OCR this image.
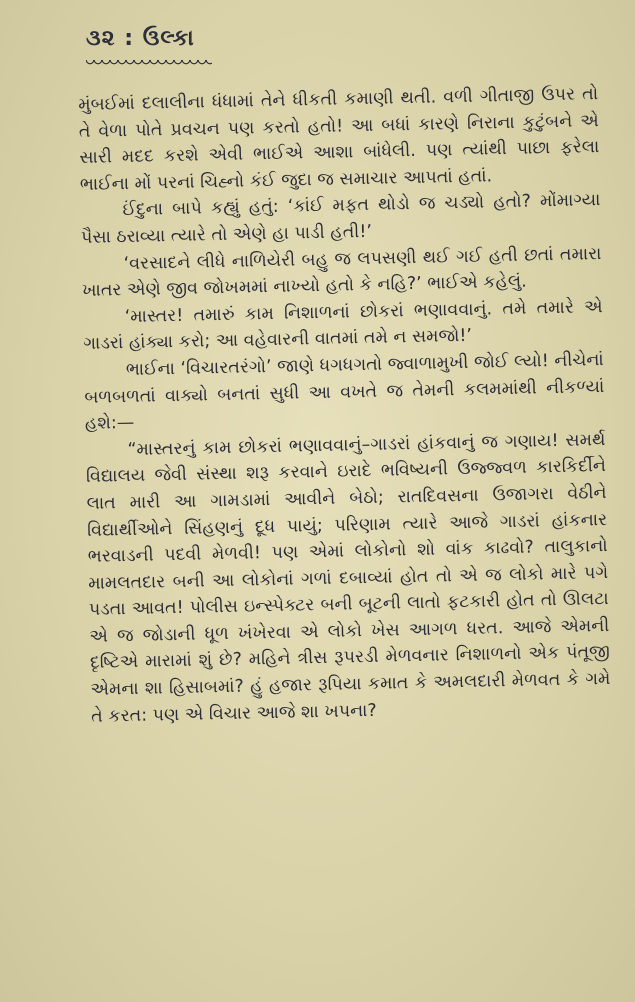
૩૨ : ઉલ્કા

મુંબઈમાં દલાલીના ધંધામાં તેને ધીકતી કમાણી થતી. વળી ગીતાજી ઉપર તો તે વેળા પોતે પ્રવચન પણ કરતો હતો! આ બધાં કારણે નિરાના કુટુંબને એ સારી મદદ કરશે એવી ભાઈએ આશા બાંધેલી. પણ ત્યાંથી પાછા ફરેલા ભાઈના મોં પરનાં ચિહ્નો કંઈ જુદા જ સમાચાર આપતાં હતાં.

ઈંદુના બાપે કહ્યું હતું: ‘કાંઈ મફત થોડો જ ચડ્યો હતો? મોંમાગ્યા પૈસા ઠરાવ્યા ત્યારે તો એણે હા પાડી હતી!’

‘વરસાદને લીધે નાળિયેરી બહુ જ લપસણી થઈ ગઈ હતી છતાં તમારા ખાતર એણે જીવ જોખમમાં નાખ્યો હતો કે નહિ?’ ભાઈએ કહેલું.

‘માસ્તર! તમારું કામ નિશાળનાં છોકરાં ભણાવવાનું. તમે તમારે એ ગાડરાં હાંક્યા કરો; આ વહેવારની વાતમાં તમે ન સમજો!’

ભાઈના ‘વિચારતરંગો’ જાણે ધગધગતો જ્વાળામુખી જોઈ લ્યો! નીચેનાં બળબળતાં વાક્યો બનતાં સુધી આ વખતે જ તેમની કલમમાંથી નીકળ્યાં હશે:—

“માસ્તરનું કામ છોકરાં ભણાવવાનું–ગાડરાં હાંકવાનું જ ગણાય! સમર્થ વિદ્યાલય જેવી સંસ્થા શરૂ કરવાને ઇરાદે ભવિષ્યની ઉજ્જ્વળ કારકિર્દીને લાત મારી આ ગામડામાં આવીને બેઠો; રાતદિવસના ઉજાગરા વેઠીને વિદ્યાર્થીઓને સિંહણનું દૂધ પાયું; પરિણામ ત્યારે આજે ગાડરાં હાંકનાર ભરવાડની પદવી મેળવી! પણ એમાં લોકોનો શો વાંક કાઢવો? તાલુકાનો મામલતદાર બની આ લોકોનાં ગળાં દબાવ્યાં હોત તો એ જ લોકો મારે પગે પડતા આવત! પોલીસ ઇન્સ્પેક્ટર બની બૂટની લાતો ફટકારી હોત તો ઊલટા એ જ જોડાની ધૂળ ખંખેરવા એ લોકો ખેસ આગળ ધરત. આજે એમની દૃષ્ટિએ મારામાં શું છે? મહિને ત્રીસ રૂપરડી મેળવનાર નિશાળનો એક પંતૂજી એમના શા હિસાબમાં? હું હજાર રૂપિયા કમાત કે અમલદારી મેળવત કે ગમે તે કરત: પણ એ વિચાર આજે શા ખપના?
